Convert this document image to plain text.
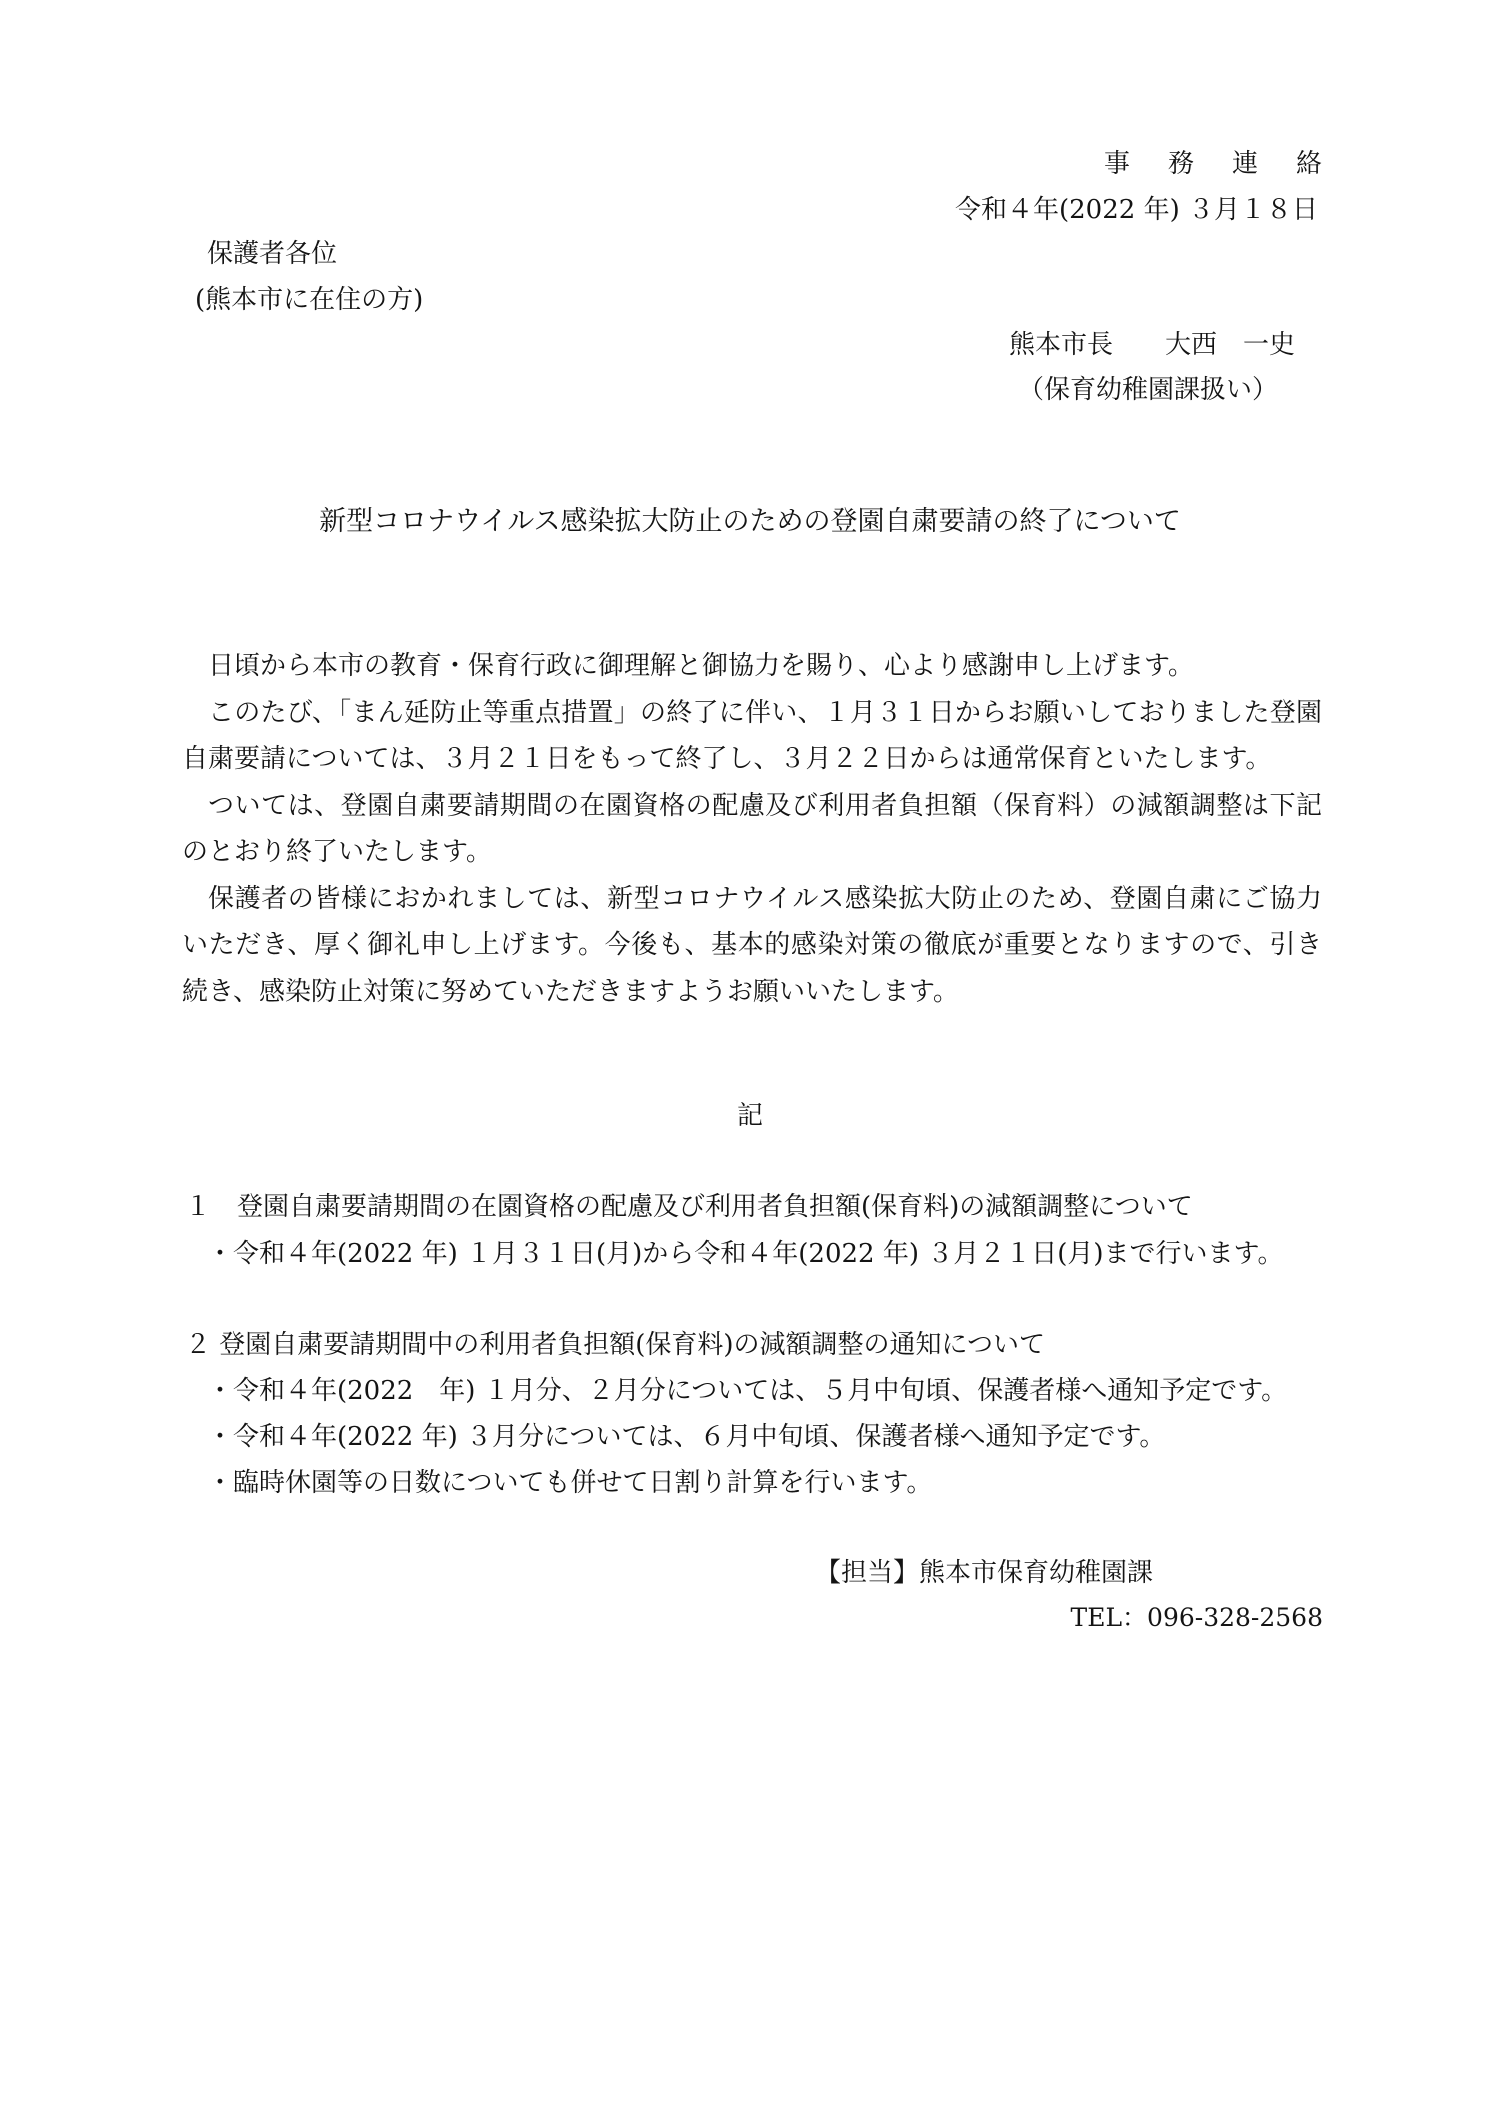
事務連絡
令和４年(2022 年) ３月１８日
保護者各位
(熊本市に在住の方)
熊本市長　　大西　一史
（保育幼稚園課扱い）
新型コロナウイルス感染拡大防止のための登園自粛要請の終了について

日頃から本市の教育・保育行政に御理解と御協力を賜り、心より感謝申し上げます。

このたび、「まん延防止等重点措置」の終了に伴い、１月３１日からお願いしておりました登園自粛要請については、３月２１日をもって終了し、３月２２日からは通常保育といたします。

ついては、登園自粛要請期間の在園資格の配慮及び利用者負担額（保育料）の減額調整は下記のとおり終了いたします。

保護者の皆様におかれましては、新型コロナウイルス感染拡大防止のため、登園自粛にご協力いただき、厚く御礼申し上げます。今後も、基本的感染対策の徹底が重要となりますので、引き続き、感染防止対策に努めていただきますようお願いいたします。

記
１　登園自粛要請期間の在園資格の配慮及び利用者負担額(保育料)の減額調整について
・令和４年(2022 年) １月３１日(月)から令和４年(2022 年) ３月２１日(月)まで行います。
２ 登園自粛要請期間中の利用者負担額(保育料)の減額調整の通知について
・令和４年(2022　年) １月分、２月分については、５月中旬頃、保護者様へ通知予定です。
・令和４年(2022 年) ３月分については、６月中旬頃、保護者様へ通知予定です。
・臨時休園等の日数についても併せて日割り計算を行います。
【担当】熊本市保育幼稚園課
TEL：096-328-2568
